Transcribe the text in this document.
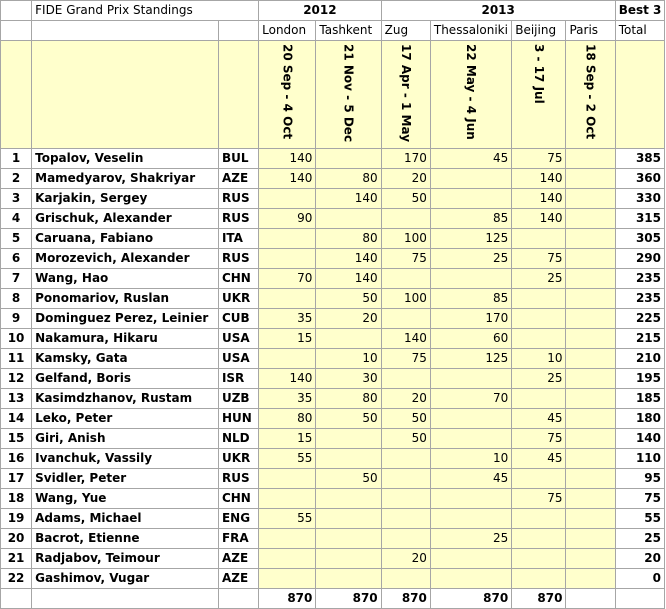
	FIDE Grand Prix Standings		2012		2013				Best 3
			London	Tashkent	Zug	Thessaloniki	Beijing	Paris	Total
			20 Sep - 4 Oct	21 Nov - 5 Dec	17 Apr - 1 May	22 May - 4 Jun	3 - 17 Jul	18 Sep - 2 Oct	
1	Topalov, Veselin	BUL	140		170	45	75		385
2	Mamedyarov, Shakriyar	AZE	140	80	20		140		360
3	Karjakin, Sergey	RUS		140	50		140		330
4	Grischuk, Alexander	RUS	90			85	140		315
5	Caruana, Fabiano	ITA		80	100	125			305
6	Morozevich, Alexander	RUS		140	75	25	75		290
7	Wang, Hao	CHN	70	140			25		235
8	Ponomariov, Ruslan	UKR		50	100	85			235
9	Dominguez Perez, Leinier	CUB	35	20		170			225
10	Nakamura, Hikaru	USA	15		140	60			215
11	Kamsky, Gata	USA		10	75	125	10		210
12	Gelfand, Boris	ISR	140	30			25		195
13	Kasimdzhanov, Rustam	UZB	35	80	20	70			185
14	Leko, Peter	HUN	80	50	50		45		180
15	Giri, Anish	NLD	15		50		75		140
16	Ivanchuk, Vassily	UKR	55			10	45		110
17	Svidler, Peter	RUS		50		45			95
18	Wang, Yue	CHN					75		75
19	Adams, Michael	ENG	55						55
20	Bacrot, Etienne	FRA				25			25
21	Radjabov, Teimour	AZE			20				20
22	Gashimov, Vugar	AZE							0
			870	870	870	870	870		
